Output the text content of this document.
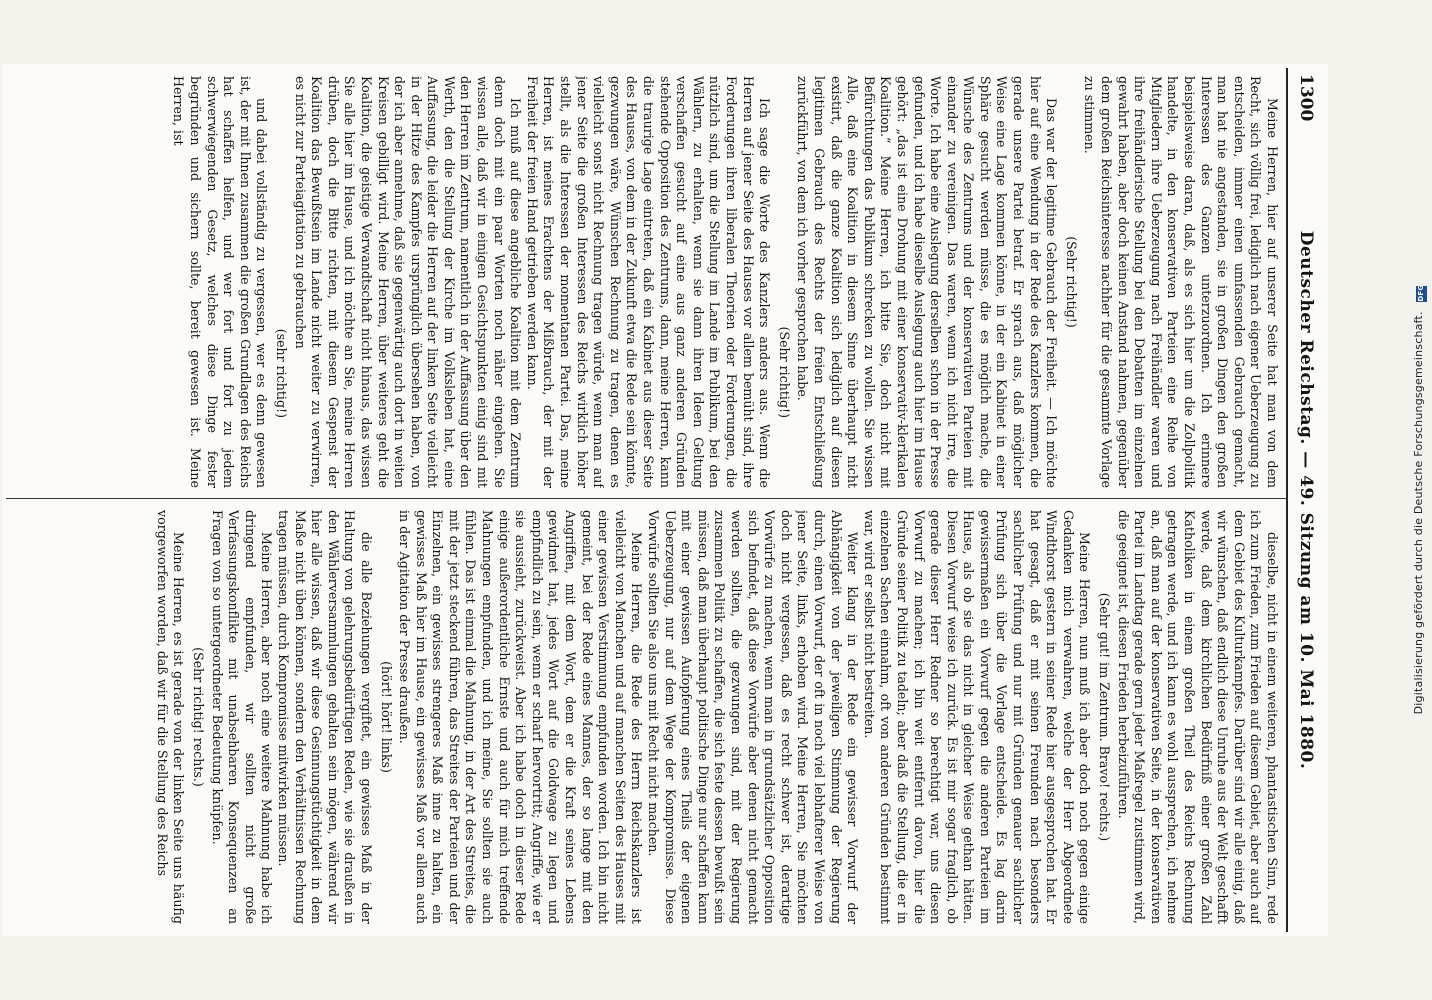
Digitalisierung gefördert durch die Deutsche Forschungsgemeinschaft. DFG
1300
Deutscher Reichstag. — 49. Sitzung am 10. Mai 1880.

Meine Herren, hier auf unserer Seite hat man von dem Recht, sich völlig frei, lediglich nach eigener Ueberzeugung zu entscheiden, immer einen umfassenden Gebrauch gemacht, man hat nie angestanden, sie in großen Dingen den großen Interessen des Ganzen unterzuordnen. Ich erinnere beispielsweise daran, daß, als es sich hier um die Zollpolitik handelte, in den konservativen Parteien eine Reihe von Mitgliedern ihre Ueberzeugung nach Freihändler waren und ihre freihändlerische Stellung bei den Debatten im einzelnen gewahrt haben, aber doch keinen Anstand nahmen, gegenüber dem großen Reichsinteresse nachher für die gesammte Vorlage zu stimmen.

(Sehr richtig!)

Das war der legitime Gebrauch der Freiheit. — Ich möchte hier auf eine Wendung in der Rede des Kanzlers kommen, die gerade unsere Partei betraf. Er sprach aus, daß möglicher Weise eine Lage kommen könne, in der ein Kabinet in einer Sphäre gesucht werden müsse, die es möglich mache, die Wünsche des Zentrums und der konservativen Parteien mit einander zu vereinigen. Das waren, wenn ich nicht irre, die Worte. Ich habe eine Auslegung derselben schon in der Presse gefunden, und ich habe dieselbe Auslegung auch hier im Hause gehört: „das ist eine Drohung mit einer konservativ-klerikalen Koalition.“ Meine Herren, ich bitte Sie, doch nicht mit Befürchtungen das Publikum schrecken zu wollen. Sie wissen Alle, daß eine Koalition in diesem Sinne überhaupt nicht existirt, daß die ganze Koalition sich lediglich auf diesen legitimen Gebrauch des Rechts der freien Entschließung zurückführt, von dem ich vorher gesprochen habe.

(Sehr richtig!)

Ich sage die Worte des Kanzlers anders aus. Wenn die Herren auf jener Seite des Hauses vor allem bemüht sind, ihre Forderungen ihren liberalen Theorien oder Forderungen, die nützlich sind, um die Stellung im Lande im Publikum, bei den Wählern, zu erhalten, wenn sie dann ihren Ideen Geltung verschaffen gesucht auf eine aus ganz anderen Gründen stehende Opposition des Zentrums, dann, meine Herren, kann die traurige Lage eintreten, daß ein Kabinet aus dieser Seite des Hauses, von dem in der Zukunft etwa die Rede sein könnte, gezwungen wäre, Wünschen Rechnung zu tragen, denen es vielleicht sonst nicht Rechnung tragen würde, wenn man auf jener Seite die großen Interessen des Reichs wirklich höher stellt, als die Interessen der momentanen Partei. Das, meine Herren, ist meines Erachtens der Mißbrauch, der mit der Freiheit der freien Hand getrieben werden kann.

Ich muß auf diese angebliche Koalition mit dem Zentrum denn doch mit ein paar Worten noch näher eingehen. Sie wissen alle, daß wir in einigen Gesichtspunkten einig sind mit den Herren im Zentrum, namentlich in der Auffassung über den Werth, den die Stellung der Kirche im Volksleben hat, eine Auffassung, die leider die Herren auf der linken Seite vielleicht in der Hitze des Kampfes ursprünglich übersehen haben, von der ich aber annehme, daß sie gegenwärtig auch dort in weiten Kreisen gebilligt wird. Meine Herren, über weiteres geht die Koalition, die geistige Verwandtschaft nicht hinaus, das wissen Sie alle hier im Hause, und ich möchte an Sie, meine Herren drüben, doch die Bitte richten, mit diesem Gespenst der Koalition das Bewußtsein im Lande nicht weiter zu verwirren, es nicht zur Parteiagitation zu gebrauchen

(sehr richtig!)

und dabei vollständig zu vergessen, wer es denn gewesen ist, der mit Ihnen zusammen die großen Grundlagen des Reichs hat schaffen helfen, und wer fort und fort zu jedem schwerwiegenden Gesetz, welches diese Dinge fester begründen und sichern sollte, bereit gewesen ist. Meine Herren, ist

dieselbe, nicht in einem weiteren, phantastischen Sinn, rede ich zum Frieden, zum Frieden auf diesem Gebiet, aber auch auf dem Gebiet des Kulturkampfes. Darüber sind wir alle einig, daß wir wünschen, daß endlich diese Unruhe aus der Welt geschafft werde, daß dem kirchlichen Bedürfniß einer großen Zahl Katholiken in einem großen Theil des Reichs Rechnung getragen werde, und ich kann es wohl aussprechen, ich nehme an, daß man auf der konservativen Seite, in der konservativen Partei im Landtag gerade gern jeder Maßregel zustimmen wird, die geeignet ist, diesen Frieden herbeizuführen.

(Sehr gut! im Zentrum. Bravo! rechts.)

Meine Herren, nun muß ich aber doch noch gegen einige Gedanken mich verwahren, welche der Herr Abgeordnete Windthorst gestern in seiner Rede hier ausgesprochen hat. Er hat gesagt, daß er mit seinen Freunden nach besonders sachlicher Prüfung und nur mit Gründen genauer sachlicher Prüfung sich über die Vorlage entscheide. Es lag darin gewissermaßen ein Vorwurf gegen die anderen Parteien im Hause, als ob sie das nicht in gleicher Weise gethan hätten. Diesen Vorwurf weise ich zurück. Es ist mir sogar fraglich, ob gerade dieser Herr Redner so berechtigt war, uns diesen Vorwurf zu machen; ich bin weit entfernt davon, hier die Gründe seiner Politik zu tadeln; aber daß die Stellung, die er in einzelnen Sachen einnahm, oft von anderen Gründen bestimmt war, wird er selbst nicht bestreiten.

Weiter klang in der Rede ein gewisser Vorwurf der Abhängigkeit von der jeweiligen Stimmung der Regierung durch, einen Vorwurf, der oft in noch viel lebhafterer Weise von jener Seite, links, erhoben wird. Meine Herren, Sie möchten doch nicht vergessen, daß es recht schwer ist, derartige Vorwürfe zu machen, wenn man in grundsätzlicher Opposition sich befindet, daß diese Vorwürfe aber denen nicht gemacht werden sollten, die gezwungen sind, mit der Regierung zusammen Politik zu schaffen, die sich feste dessen bewußt sein müssen, daß man überhaupt politische Dinge nur schaffen kann mit einer gewissen Aufopferung eines Theils der eigenen Ueberzeugung, nur auf dem Wege der Kompromisse. Diese Vorwürfe sollten Sie also uns mit Recht nicht machen.

Meine Herren, die Rede des Herrn Reichskanzlers ist vielleicht von Manchen und auf manchen Seiten des Hauses mit einer gewissen Verstimmung empfunden worden. Ich bin nicht gemeint, bei der Rede eines Mannes, der so lange mit den Angriffen, mit dem Wort, dem er die Kraft seines Lebens gewidmet hat, jedes Wort auf die Goldwage zu legen und empfindlich zu sein, wenn er scharf hervortritt; Angriffe, wie er sie aussieht, zurückweist. Aber ich habe doch in dieser Rede einige außerordentliche Ernste und auch für mich treffende Mahnungen empfunden, und ich meine, Sie sollten sie auch fühlen. Das ist einmal die Mahnung, in der Art des Streites, die mit der jetzt steckend führen, das Streites der Parteien und der Einzelnen, ein gewisses strengeres Maß inne zu halten, ein gewisses Maß hier im Hause, ein gewisses Maß vor allem auch in der Agitation der Presse draußen.

(hört! hört! links)

die alle Beziehungen vergiftet, ein gewisses Maß in der Haltung von gelehrungsbedürftigen Reden, wie sie draußen in den Wählerversammlungen gehalten sein mögen, während wir hier alle wissen, daß wir diese Gesinnungstüchtigkeit in dem Maße nicht üben können, sondern den Verhältnissen Rechnung tragen müssen, durch Kompromisse mitwirken müssen.

Meine Herren, aber noch eine weitere Mahnung habe ich dringend empfunden, wir sollten nicht große Verfassungskonflikte mit unabsehbaren Konsequenzen an Fragen von so untergeordneter Bedeutung knüpfen.

(Sehr richtig! rechts.)

Meine Herren, es ist gerade von der linken Seite uns häufig vorgeworfen worden, daß wir für die Stellung des Reichs
